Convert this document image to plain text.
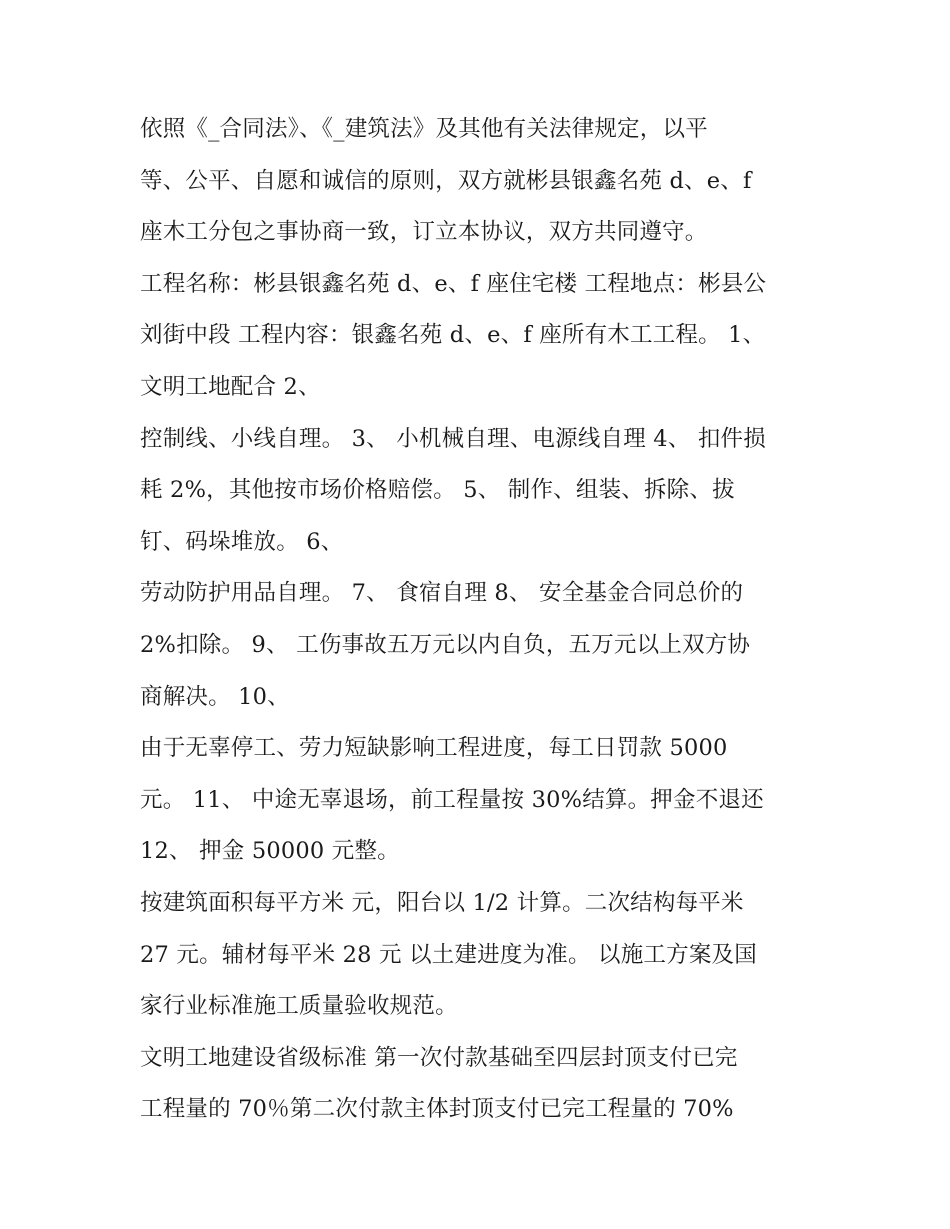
依照《_合同法》、《_建筑法》及其他有关法律规定，以平
等、公平、自愿和诚信的原则，双方就彬县银鑫名苑 d、e、f
座木工分包之事协商一致，订立本协议，双方共同遵守。
工程名称：彬县银鑫名苑 d、e、f 座住宅楼 工程地点：彬县公
刘街中段 工程内容：银鑫名苑 d、e、f 座所有木工工程。 1、
文明工地配合 2、
控制线、小线自理。 3、 小机械自理、电源线自理 4、 扣件损
耗 2%，其他按市场价格赔偿。 5、 制作、组装、拆除、拔
钉、码垛堆放。 6、
劳动防护用品自理。 7、 食宿自理 8、 安全基金合同总价的
2%扣除。 9、 工伤事故五万元以内自负，五万元以上双方协
商解决。 10、
由于无辜停工、劳力短缺影响工程进度，每工日罚款 5000
元。 11、 中途无辜退场，前工程量按 30%结算。押金不退还
12、 押金 50000 元整。
按建筑面积每平方米 元，阳台以 1/2 计算。二次结构每平米
27 元。辅材每平米 28 元 以土建进度为准。 以施工方案及国
家行业标准施工质量验收规范。
文明工地建设省级标准 第一次付款基础至四层封顶支付已完
工程量的 70％第二次付款主体封顶支付已完工程量的 70%
